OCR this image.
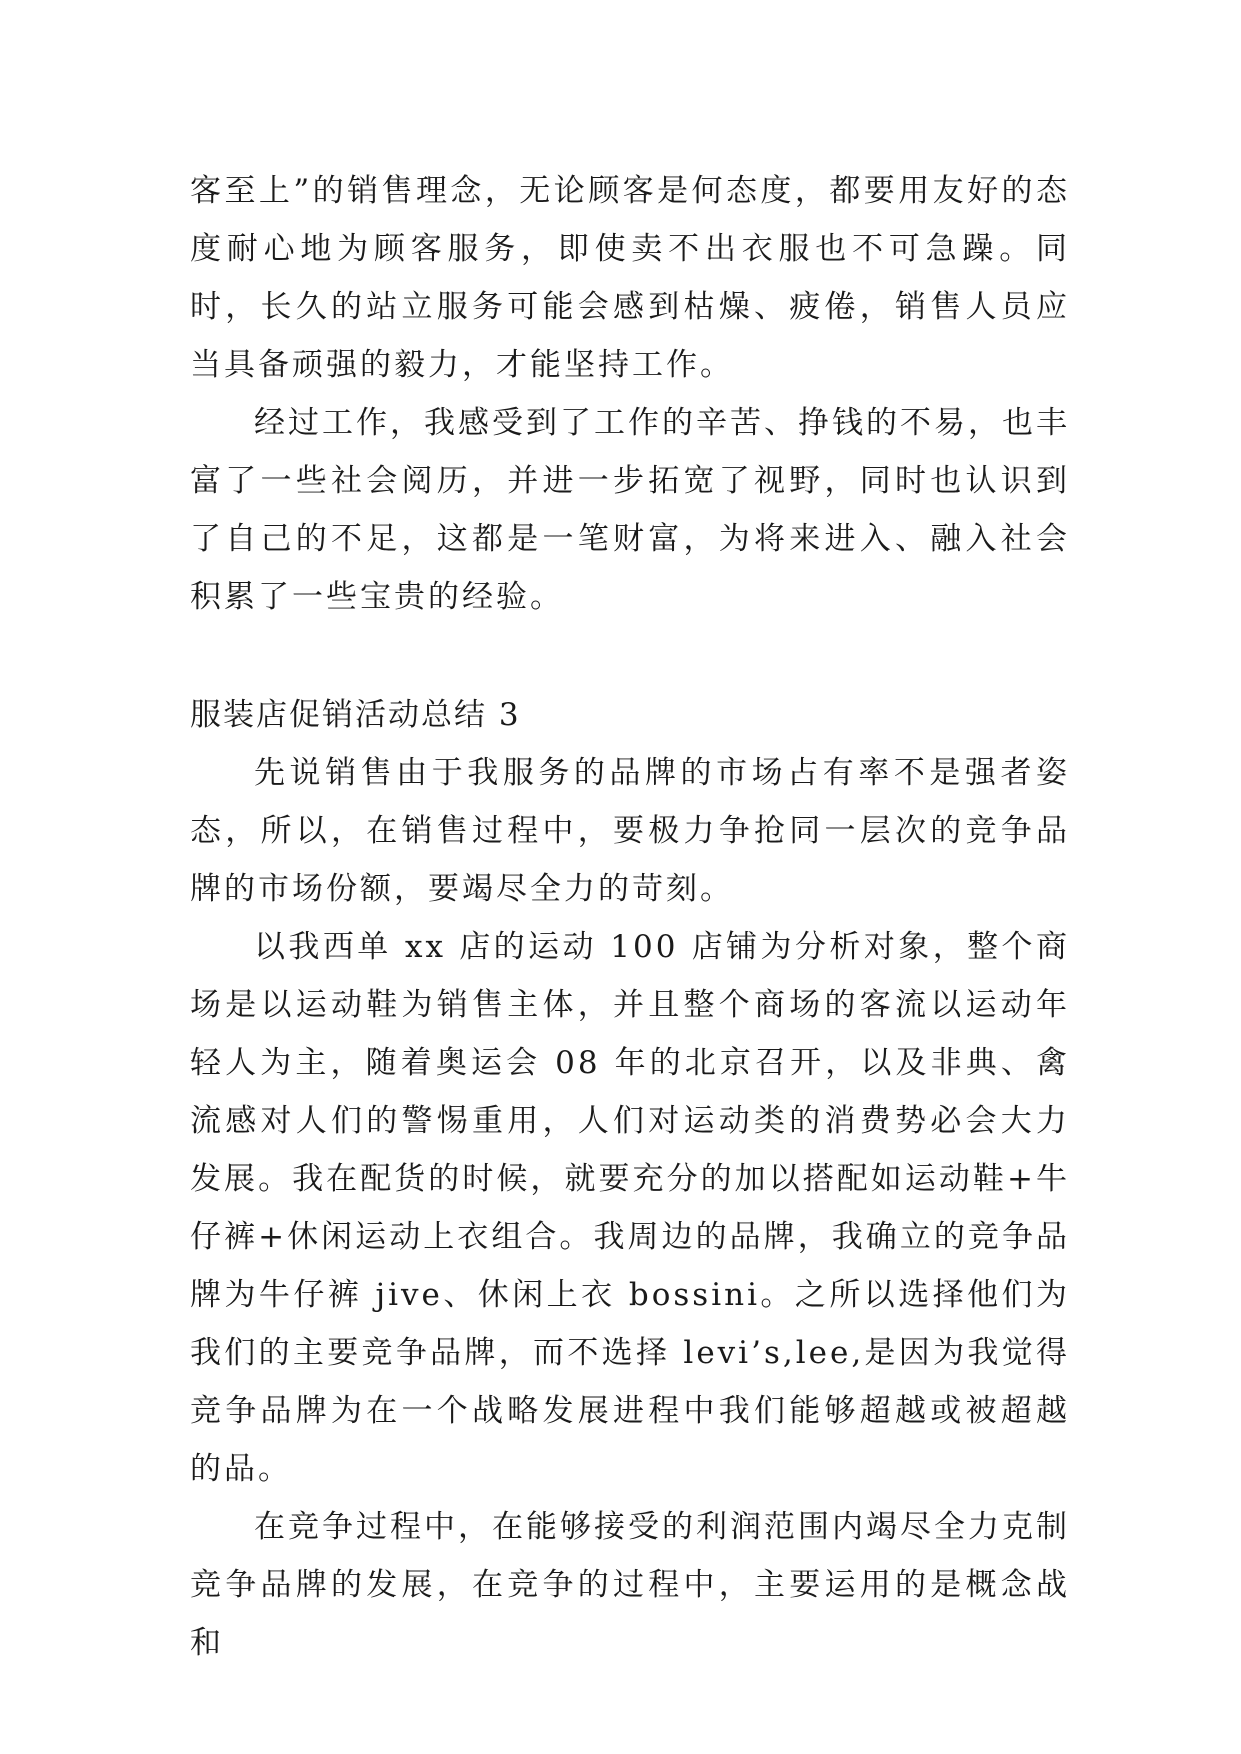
客至上”的销售理念，无论顾客是何态度，都要用友好的态度耐心地为顾客服务，即使卖不出衣服也不可急躁。同时，长久的站立服务可能会感到枯燥、疲倦，销售人员应当具备顽强的毅力，才能坚持工作。

经过工作，我感受到了工作的辛苦、挣钱的不易，也丰富了一些社会阅历，并进一步拓宽了视野，同时也认识到了自己的不足，这都是一笔财富，为将来进入、融入社会积累了一些宝贵的经验。

服装店促销活动总结 3

先说销售由于我服务的品牌的市场占有率不是强者姿态，所以，在销售过程中，要极力争抢同一层次的竞争品牌的市场份额，要竭尽全力的苛刻。

以我西单 xx 店的运动 100 店铺为分析对象，整个商场是以运动鞋为销售主体，并且整个商场的客流以运动年轻人为主，随着奥运会 08 年的北京召开，以及非典、禽流感对人们的警惕重用，人们对运动类的消费势必会大力发展。我在配货的时候，就要充分的加以搭配如运动鞋+牛仔裤+休闲运动上衣组合。我周边的品牌，我确立的竞争品牌为牛仔裤 jive、休闲上衣 bossini。之所以选择他们为我们的主要竞争品牌，而不选择 levi’s,lee,是因为我觉得竞争品牌为在一个战略发展进程中我们能够超越或被超越的品。

在竞争过程中，在能够接受的利润范围内竭尽全力克制竞争品牌的发展，在竞争的过程中，主要运用的是概念战和
